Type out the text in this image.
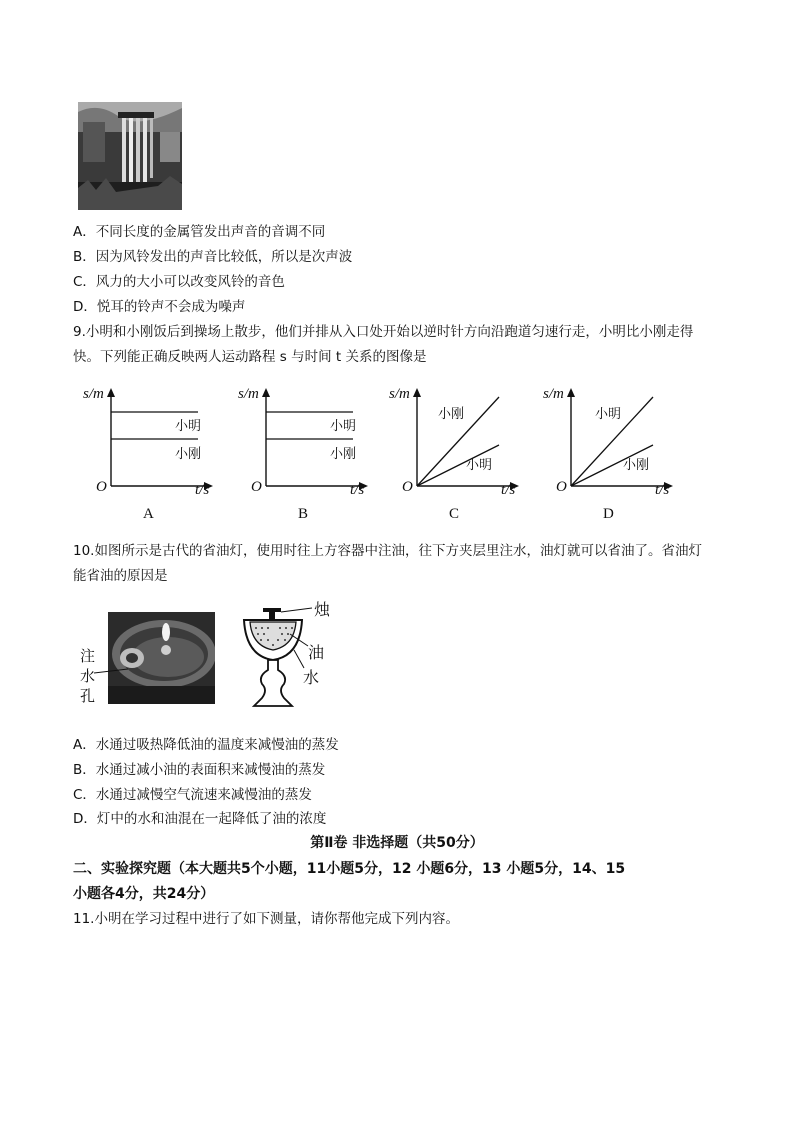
A．不同长度的金属管发出声音的音调不同
B．因为风铃发出的声音比较低，所以是次声波
C．风力的大小可以改变风铃的音色
D．悦耳的铃声不会成为噪声
9.小明和小刚饭后到操场上散步，他们并排从入口处开始以逆时针方向沿跑道匀速行走，小明比小刚走得
快。下列能正确反映两人运动路程 s 与时间 t 关系的图像是
s/m
小明
小刚
O	t/s
A
s/m
小明
小刚
O	t/s
B
s/m
小刚
小明
O	t/s
C
s/m
小明
小刚
O	t/s
D
10.如图所示是古代的省油灯，使用时往上方容器中注油，往下方夹层里注水，油灯就可以省油了。省油灯
能省油的原因是
注
水
孔
烛
油
水
A．水通过吸热降低油的温度来减慢油的蒸发
B．水通过减小油的表面积来减慢油的蒸发
C．水通过减慢空气流速来减慢油的蒸发
D．灯中的水和油混在一起降低了油的浓度
第Ⅱ卷 非选择题（共50分）
二、实验探究题（本大题共5个小题，11小题5分，12 小题6分，13 小题5分，14、15
小题各4分，共24分）
11.小明在学习过程中进行了如下测量，请你帮他完成下列内容。
